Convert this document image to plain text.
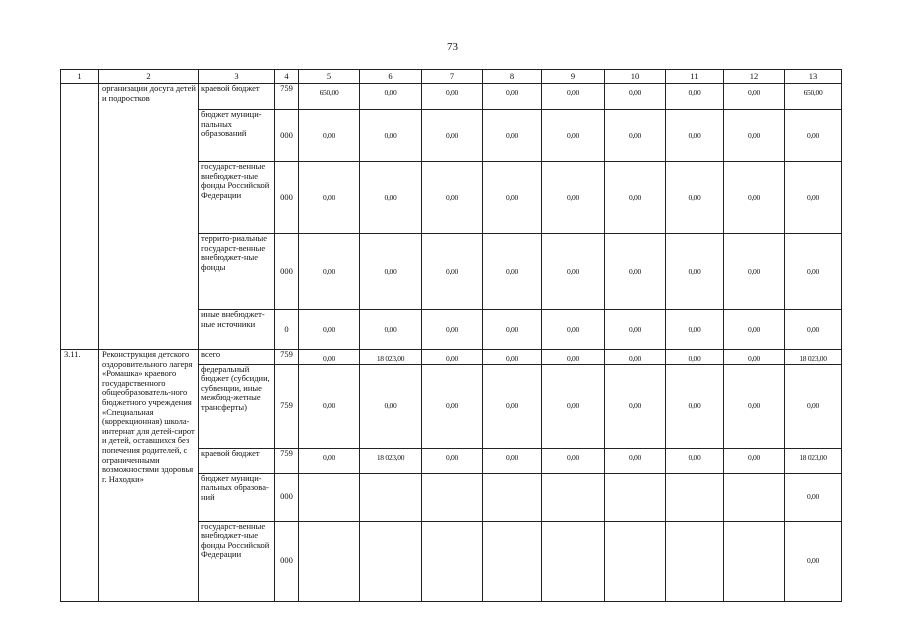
73
1	2	3	4	5	6	7	8	9	10	11	12	13
	организации досуга детей и подростков	краевой бюджет	759	650,00	0,00	0,00	0,00	0,00	0,00	0,00	0,00	650,00
		бюджет муници-пальных образований	000	0,00	0,00	0,00	0,00	0,00	0,00	0,00	0,00	0,00
		государст-венные внебюджет-ные фонды Российской Федерации	000	0,00	0,00	0,00	0,00	0,00	0,00	0,00	0,00	0,00
		террито-риальные государст-венные внебюджет-ные фонды	000	0,00	0,00	0,00	0,00	0,00	0,00	0,00	0,00	0,00
		иные внебюджет-ные источники	0	0,00	0,00	0,00	0,00	0,00	0,00	0,00	0,00	0,00
3.11.	Реконструкция детского оздоровительного лагеря «Ромашка» краевого государственного общеобразователь-ного бюджетного учреждения «Специальная (коррекционная) школа-интернат для детей-сирот и детей, оставшихся без попечения родителей, с ограниченными возможностями здоровья г. Находки»	всего	759	0,00	18 023,00	0,00	0,00	0,00	0,00	0,00	0,00	18 023,00
		федеральный бюджет (субсидии, субвенции, иные межбюд-жетные трансферты)	759	0,00	0,00	0,00	0,00	0,00	0,00	0,00	0,00	0,00
		краевой бюджет	759	0,00	18 023,00	0,00	0,00	0,00	0,00	0,00	0,00	18 023,00
		бюджет муници-пальных образова-ний	000									0,00
		государст-венные внебюджет-ные фонды Российской Федерации	000									0,00
